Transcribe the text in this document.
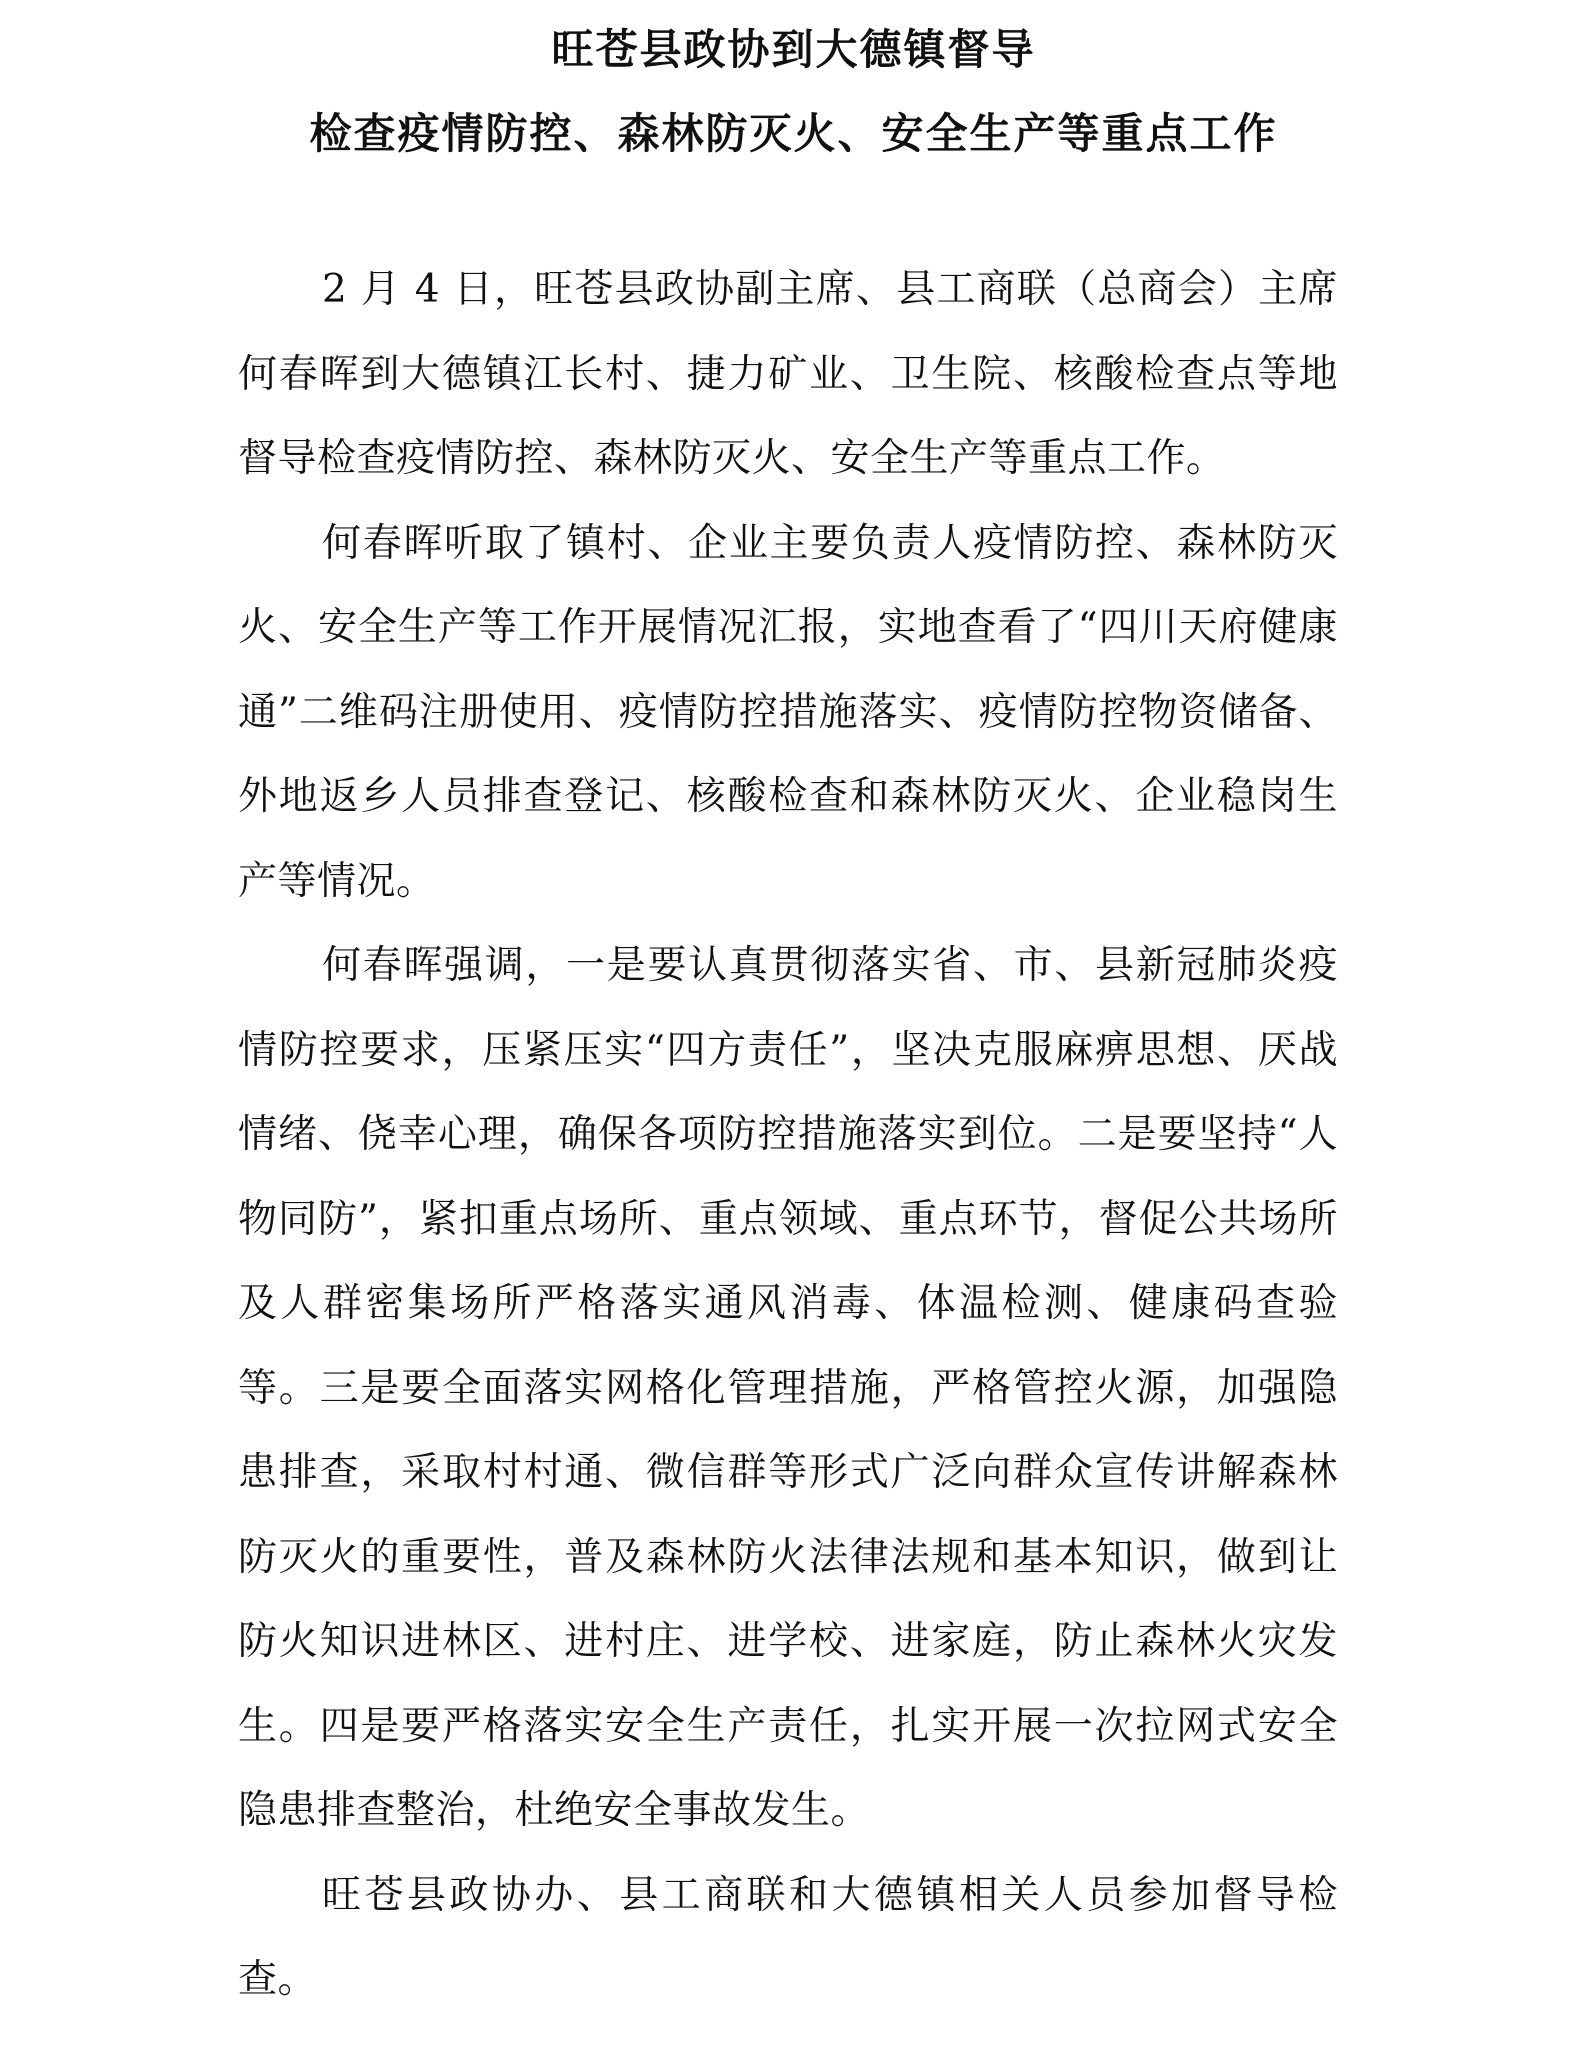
旺苍县政协到大德镇督导
检查疫情防控、森林防灭火、安全生产等重点工作

2 月 4 日，旺苍县政协副主席、县工商联（总商会）主席何春晖到大德镇江长村、捷力矿业、卫生院、核酸检查点等地督导检查疫情防控、森林防灭火、安全生产等重点工作。

何春晖听取了镇村、企业主要负责人疫情防控、森林防灭火、安全生产等工作开展情况汇报，实地查看了“四川天府健康通”二维码注册使用、疫情防控措施落实、疫情防控物资储备、外地返乡人员排查登记、核酸检查和森林防灭火、企业稳岗生产等情况。

何春晖强调，一是要认真贯彻落实省、市、县新冠肺炎疫情防控要求，压紧压实“四方责任”，坚决克服麻痹思想、厌战情绪、侥幸心理，确保各项防控措施落实到位。二是要坚持“人物同防”，紧扣重点场所、重点领域、重点环节，督促公共场所及人群密集场所严格落实通风消毒、体温检测、健康码查验等。三是要全面落实网格化管理措施，严格管控火源，加强隐患排查，采取村村通、微信群等形式广泛向群众宣传讲解森林防灭火的重要性，普及森林防火法律法规和基本知识，做到让防火知识进林区、进村庄、进学校、进家庭，防止森林火灾发生。四是要严格落实安全生产责任，扎实开展一次拉网式安全隐患排查整治，杜绝安全事故发生。

旺苍县政协办、县工商联和大德镇相关人员参加督导检查。
